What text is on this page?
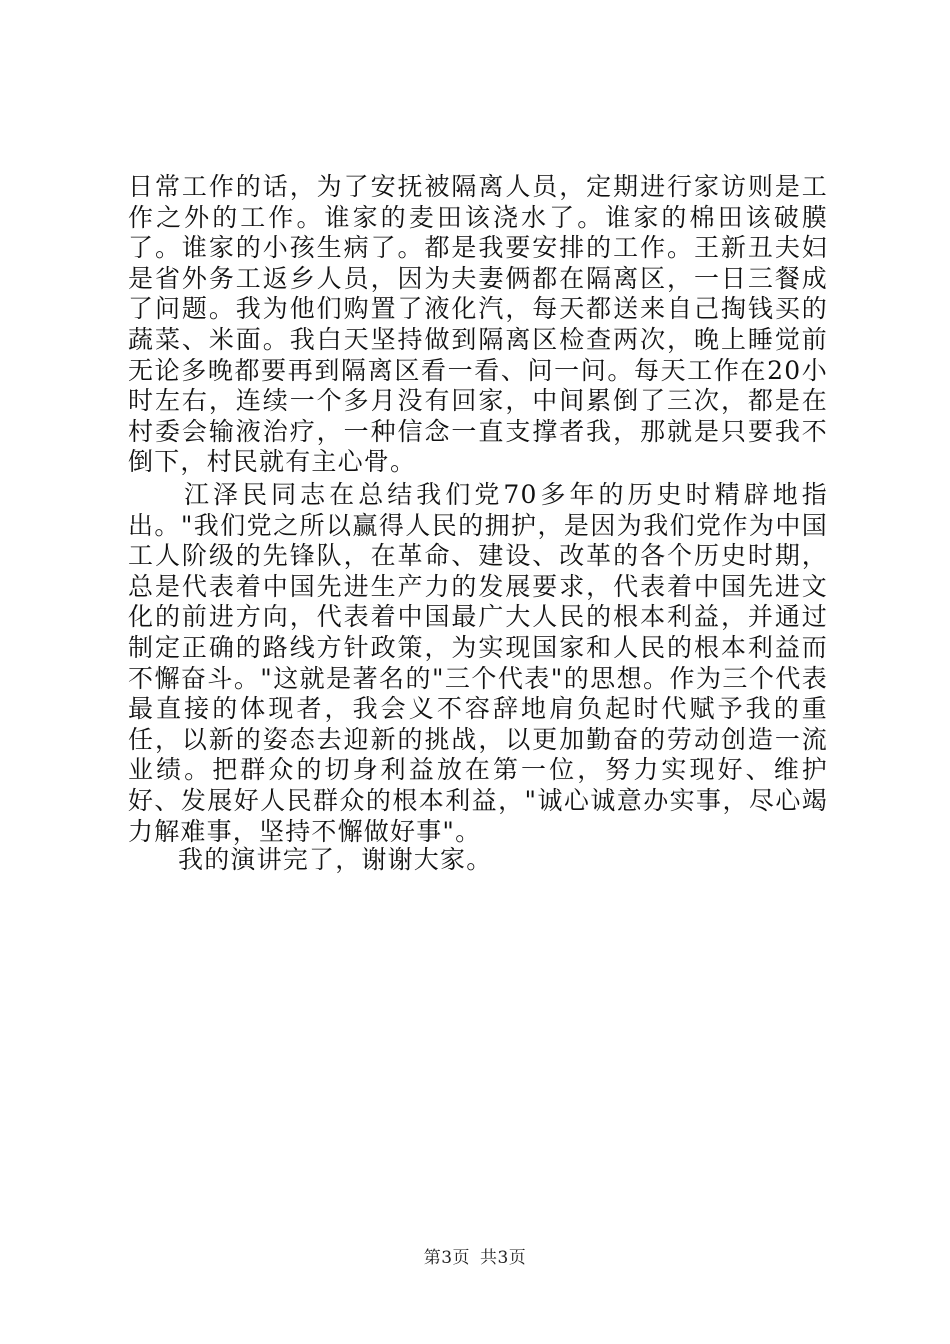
日常工作的话，为了安抚被隔离人员，定期进行家访则是工作之外的工作。谁家的麦田该浇水了。谁家的棉田该破膜了。谁家的小孩生病了。都是我要安排的工作。王新丑夫妇是省外务工返乡人员，因为夫妻俩都在隔离区，一日三餐成了问题。我为他们购置了液化汽，每天都送来自己掏钱买的蔬菜、米面。我白天坚持做到隔离区检查两次，晚上睡觉前无论多晚都要再到隔离区看一看、问一问。每天工作在20小时左右，连续一个多月没有回家，中间累倒了三次，都是在村委会输液治疗，一种信念一直支撑者我，那就是只要我不倒下，村民就有主心骨。

江泽民同志在总结我们党70多年的历史时精辟地指出。"我们党之所以赢得人民的拥护，是因为我们党作为中国工人阶级的先锋队，在革命、建设、改革的各个历史时期，总是代表着中国先进生产力的发展要求，代表着中国先进文化的前进方向，代表着中国最广大人民的根本利益，并通过制定正确的路线方针政策，为实现国家和人民的根本利益而不懈奋斗。"这就是著名的"三个代表"的思想。作为三个代表最直接的体现者，我会义不容辞地肩负起时代赋予我的重任，以新的姿态去迎新的挑战，以更加勤奋的劳动创造一流业绩。把群众的切身利益放在第一位，努力实现好、维护好、发展好人民群众的根本利益，"诚心诚意办实事，尽心竭力解难事，坚持不懈做好事"。

我的演讲完了，谢谢大家。

第3页 共3页
